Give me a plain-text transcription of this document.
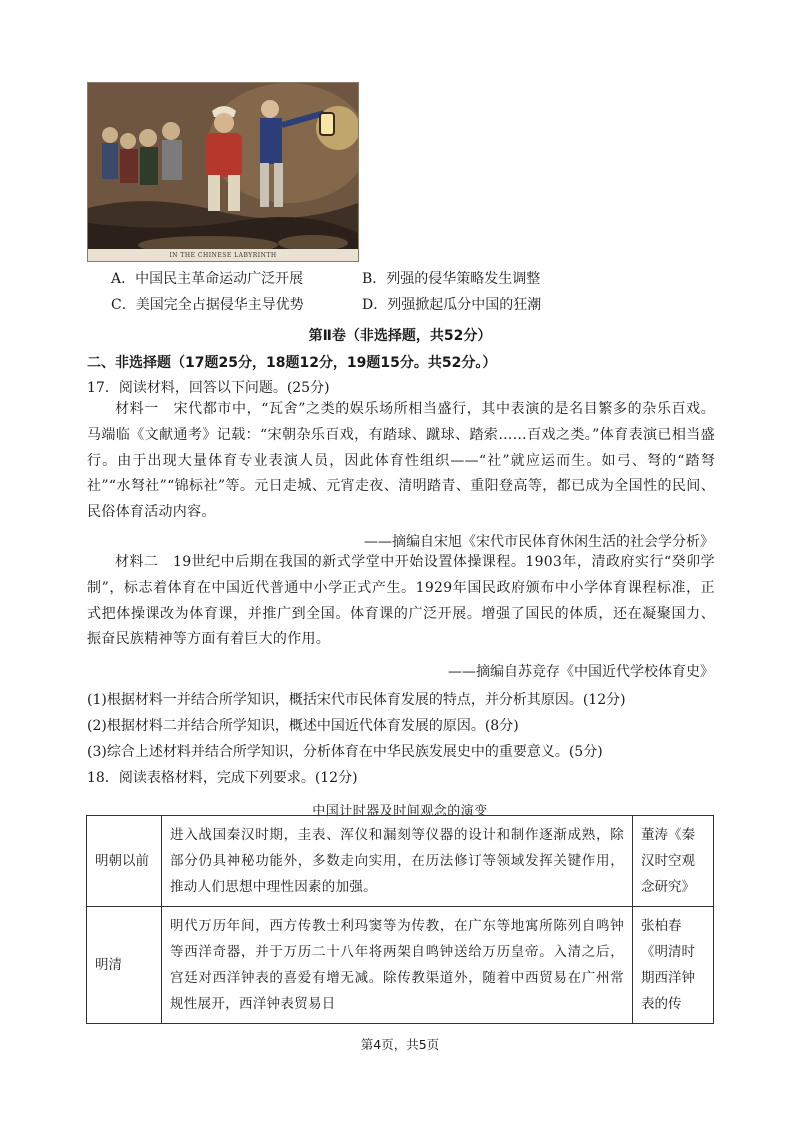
IN THE CHINESE LABYRINTH
A．中国民主革命运动广泛开展	B．列强的侵华策略发生调整
C．美国完全占据侵华主导优势	D．列强掀起瓜分中国的狂潮
第Ⅱ卷（非选择题，共52分）
二、非选择题（17题25分，18题12分，19题15分。共52分。）
17．阅读材料，回答以下问题。(25分)
材料一　宋代都市中，“瓦舍”之类的娱乐场所相当盛行，其中表演的是名目繁多的杂乐百戏。马端临《文献通考》记载：“宋朝杂乐百戏，有踏球、蹴球、踏索……百戏之类。”体育表演已相当盛行。由于出现大量体育专业表演人员，因此体育性组织——“社”就应运而生。如弓、弩的“踏弩社”“水弩社”“锦标社”等。元日走城、元宵走夜、清明踏青、重阳登高等，都已成为全国性的民间、民俗体育活动内容。
——摘编自宋旭《宋代市民体育休闲生活的社会学分析》
材料二　19世纪中后期在我国的新式学堂中开始设置体操课程。1903年，清政府实行“癸卯学制”，标志着体育在中国近代普通中小学正式产生。1929年国民政府颁布中小学体育课程标准，正式把体操课改为体育课，并推广到全国。体育课的广泛开展。增强了国民的体质，还在凝聚国力、振奋民族精神等方面有着巨大的作用。
——摘编自苏竞存《中国近代学校体育史》
(1)根据材料一并结合所学知识，概括宋代市民体育发展的特点，并分析其原因。(12分)
(2)根据材料二并结合所学知识，概述中国近代体育发展的原因。(8分)
(3)综合上述材料并结合所学知识，分析体育在中华民族发展史中的重要意义。(5分)
18．阅读表格材料，完成下列要求。(12分)
中国计时器及时间观念的演变
明朝以前	进入战国秦汉时期，圭表、浑仪和漏刻等仪器的设计和制作逐渐成熟，除部分仍具神秘功能外，多数走向实用，在历法修订等领域发挥关键作用，推动人们思想中理性因素的加强。	董涛《秦汉时空观念研究》
明清	明代万历年间，西方传教士利玛窦等为传教，在广东等地寓所陈列自鸣钟等西洋奇器，并于万历二十八年将两架自鸣钟送给万历皇帝。入清之后，宫廷对西洋钟表的喜爱有增无减。除传教渠道外，随着中西贸易在广州常规性展开，西洋钟表贸易日	张柏春《明清时期西洋钟表的传
第4页，共5页
